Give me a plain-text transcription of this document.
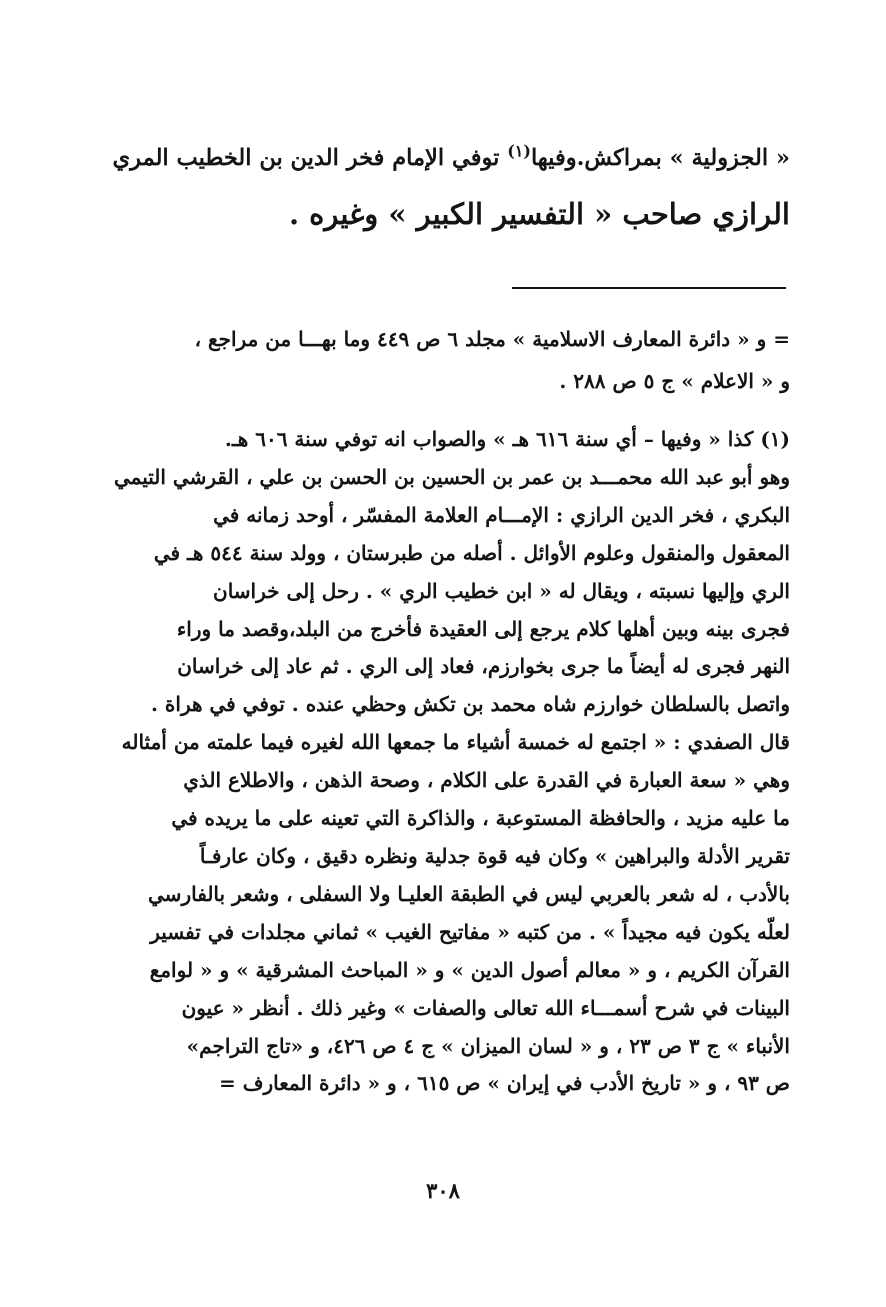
« الجزولية » بمراكش.وفيها$^{(١)}$ توفي الإمام فخر الدين بن الخطيب المري
الرازي صاحب « التفسير الكبير » وغيره .
= و « دائرة المعارف الاسلامية » مجلد ٦ ص ٤٤٩ وما بهـــا من مراجع ،
و « الاعلام » ج ٥ ص ٢٨٨ .
(١) كذا « وفيها – أي سنة ٦١٦ هـ » والصواب انه توفي سنة ٦٠٦ هـ.
وهو أبو عبد الله محمـــد بن عمر بن الحسين بن الحسن بن علي ، القرشي التيمي
البكري ، فخر الدين الرازي : الإمـــام العلامة المفسّر ، أوحد زمانه في
المعقول والمنقول وعلوم الأوائل . أصله من طبرستان ، وولد سنة ٥٤٤ هـ في
الري وإليها نسبته ، ويقال له « ابن خطيب الري » . رحل إلى خراسان
فجرى بينه وبين أهلها كلام يرجع إلى العقيدة فأخرج من البلد،وقصد ما وراء
النهر فجرى له أيضاً ما جرى بخوارزم، فعاد إلى الري . ثم عاد إلى خراسان
واتصل بالسلطان خوارزم شاه محمد بن تكش وحظي عنده . توفي في هراة .
قال الصفدي : « اجتمع له خمسة أشياء ما جمعها الله لغيره فيما علمته من أمثاله
وهي « سعة العبارة في القدرة على الكلام ، وصحة الذهن ، والاطلاع الذي
ما عليه مزيد ، والحافظة المستوعبة ، والذاكرة التي تعينه على ما يريده في
تقرير الأدلة والبراهين » وكان فيه قوة جدلية ونظره دقيق ، وكان عارفـاً
بالأدب ، له شعر بالعربي ليس في الطبقة العليـا ولا السفلى ، وشعر بالفارسي
لعلّه يكون فيه مجيداً » . من كتبه « مفاتيح الغيب » ثماني مجلدات في تفسير
القرآن الكريم ، و « معالم أصول الدين » و « المباحث المشرقية » و « لوامع
البينات في شرح أسمـــاء الله تعالى والصفات » وغير ذلك . أنظر « عيون
الأنباء » ج ٣ ص ٢٣ ، و « لسان الميزان » ج ٤ ص ٤٢٦، و «تاج التراجم»
ص ٩٣ ، و « تاريخ الأدب في إيران » ص ٦١٥ ، و « دائرة المعارف =
٣٠٨
